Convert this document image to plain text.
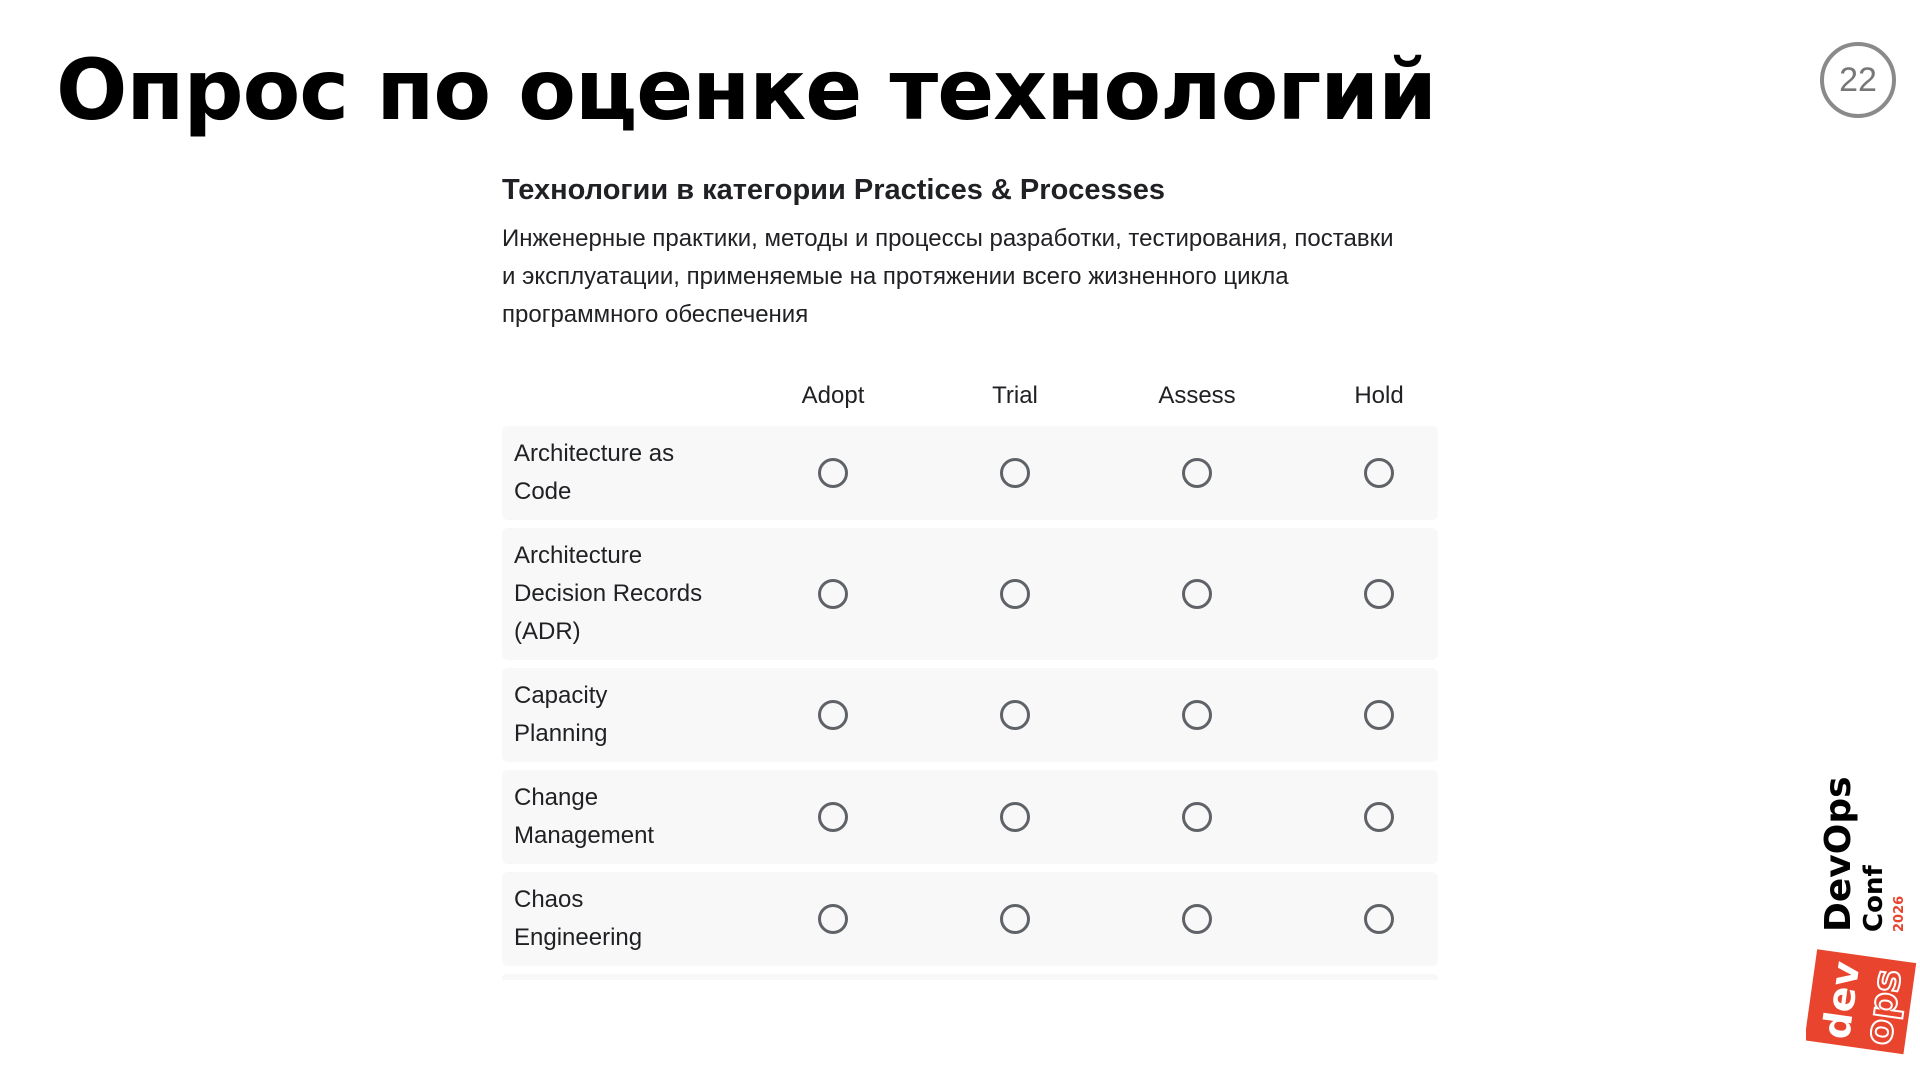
Опрос по оценке технологий	22
Технологии в категории Practices & Processes

Инженерные практики, методы и процессы разработки, тестирования, поставки и эксплуатации, применяемые на протяжении всего жизненного цикла программного обеспечения

Adopt	Trial	Assess	Hold
Architecture as Code
Architecture Decision Records (ADR)
Capacity Planning
Change Management
Chaos Engineering
DevOps Conf 2026
dev
ops
